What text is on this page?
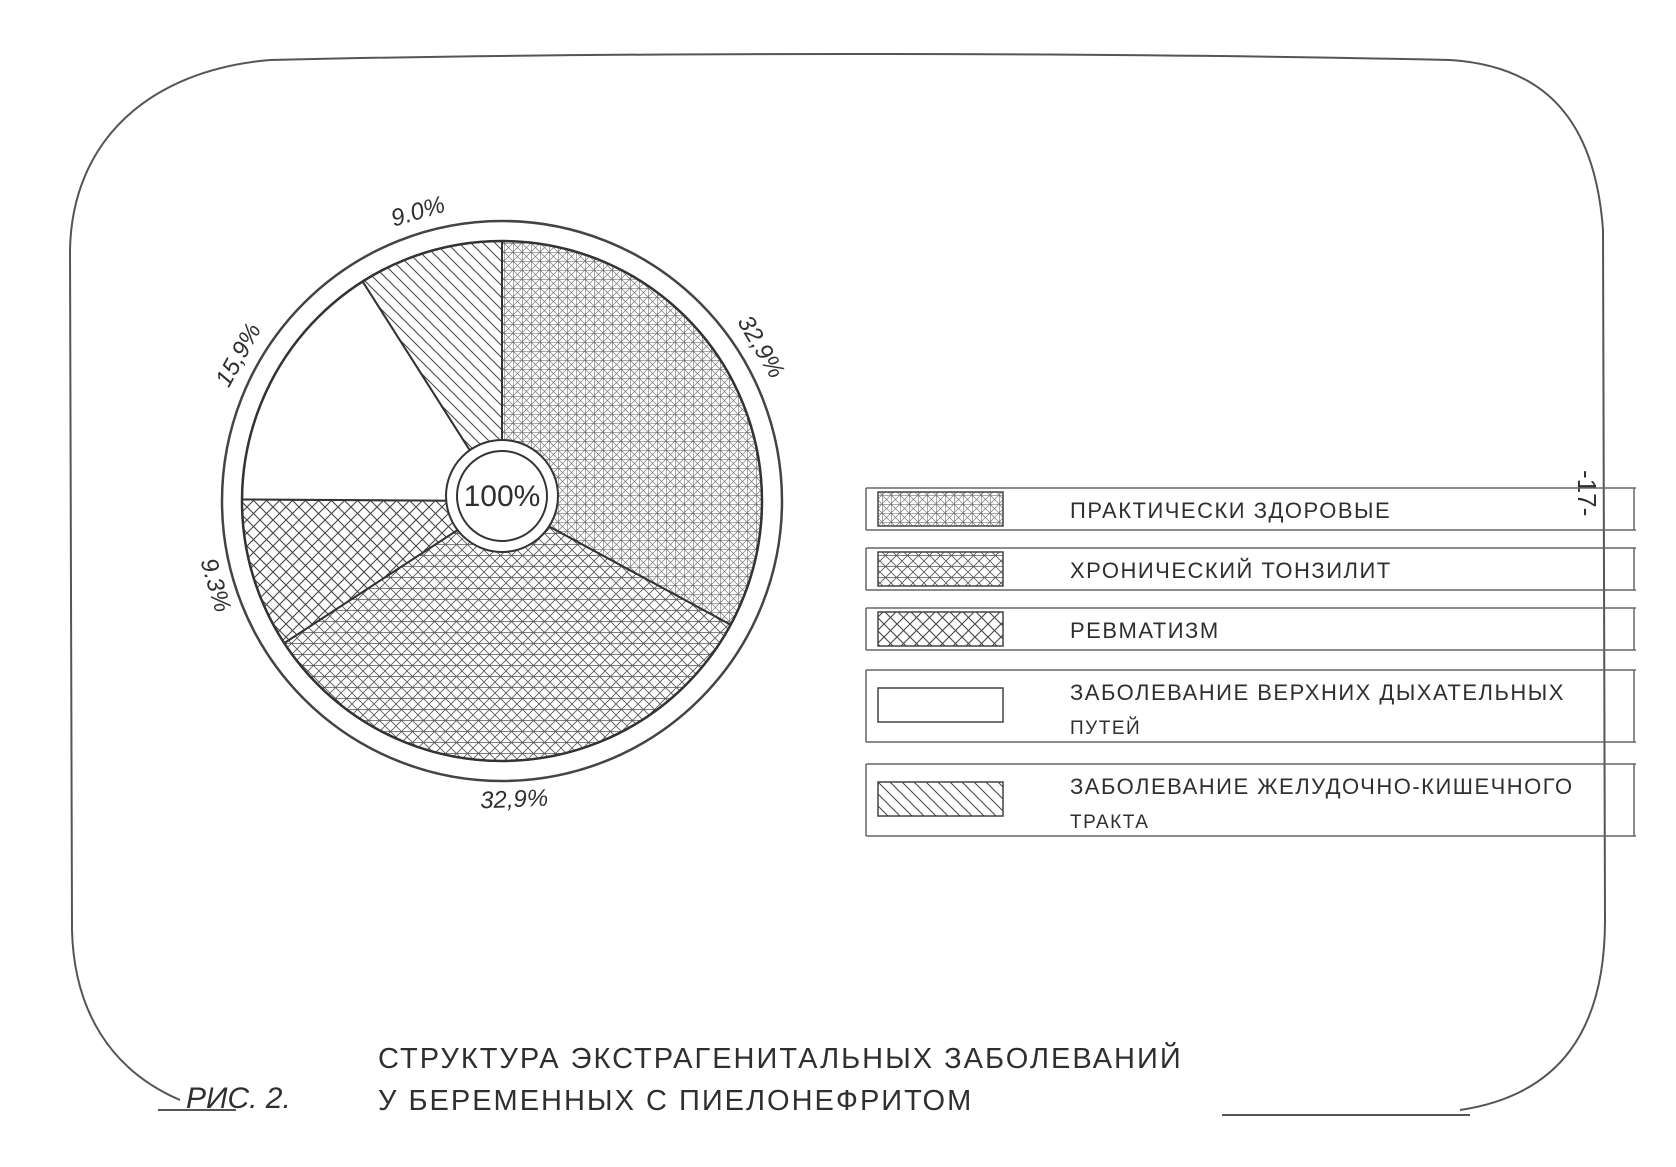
-17-
100%
32,9%
32,9%
9.3%
15,9%
9.0%
ПРАКТИЧЕСКИ ЗДОРОВЫЕ
ХРОНИЧЕСКИЙ ТОНЗИЛИТ
РЕВМАТИЗМ
ЗАБОЛЕВАНИЕ ВЕРХНИХ ДЫХАТЕЛЬНЫХ
ПУТЕЙ
ЗАБОЛЕВАНИЕ ЖЕЛУДОЧНО-КИШЕЧНОГО
ТРАКТА
РИС. 2.
СТРУКТУРА ЭКСТРАГЕНИТАЛЬНЫХ ЗАБОЛЕВАНИЙ
У БЕРЕМЕННЫХ С ПИЕЛОНЕФРИТОМ
